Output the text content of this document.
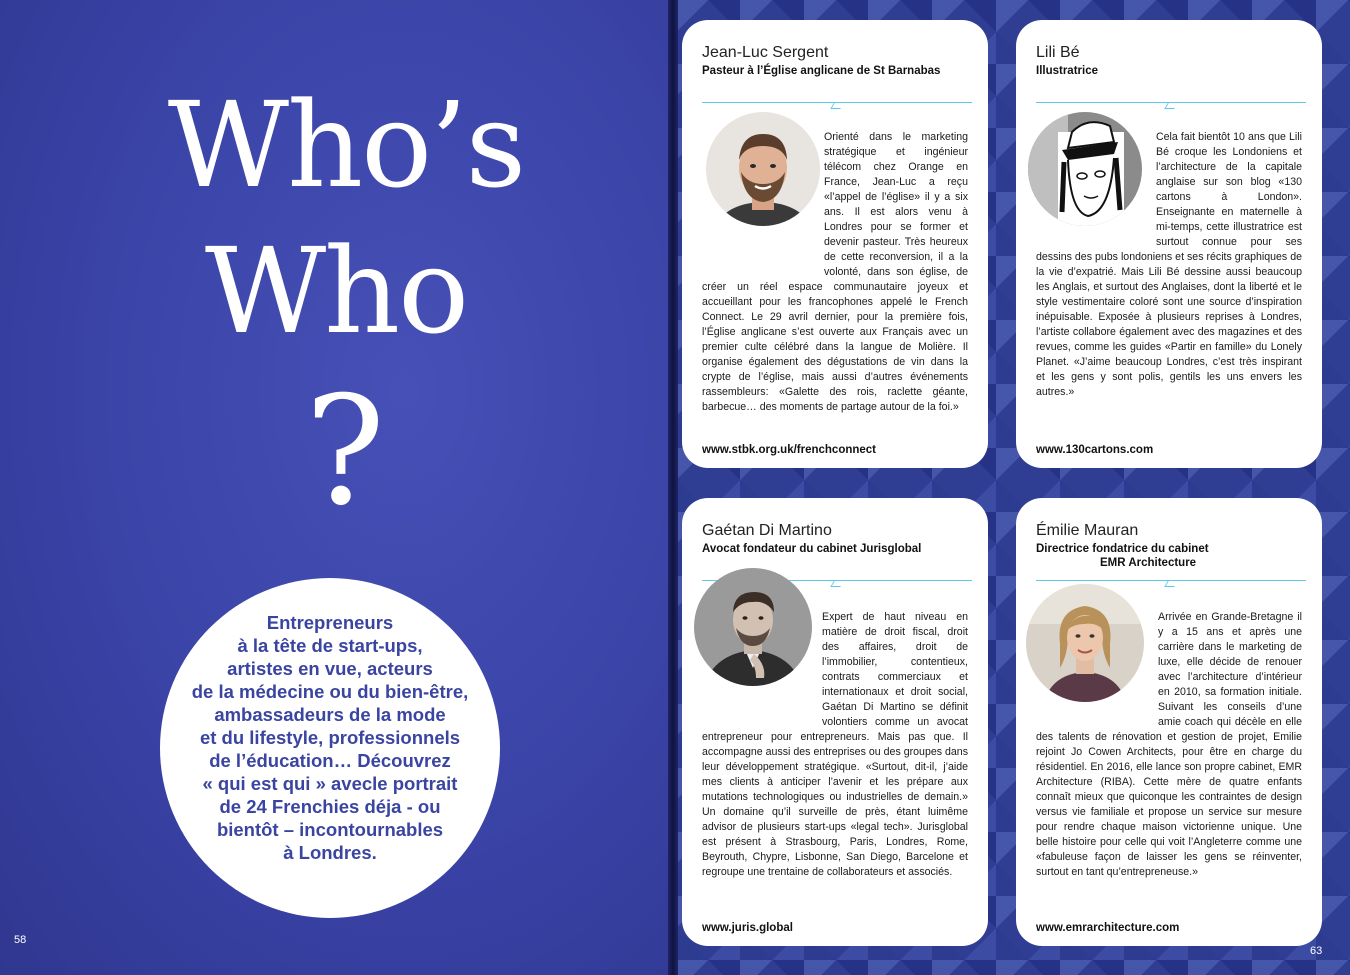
Who’s
Who
?
Entrepreneurs
à la tête de start-ups,
artistes en vue, acteurs
de la médecine ou du bien-être,
ambassadeurs de la mode
et du lifestyle, professionnels
de l’éducation… Découvrez
« qui est qui » avecle portrait
de 24 Frenchies déja - ou
bientôt – incontournables
à Londres.
58
Jean-Luc Sergent
Pasteur à l’Église anglicane de St Barnabas
Orienté dans le marketing stratégique et ingénieur télécom chez Orange en France, Jean-Luc a reçu «l’appel de l’église» il y a six ans. Il est alors venu à Londres pour se former et devenir pasteur. Très heureux de cette reconversion, il a la volonté, dans son église, de créer un réel espace communautaire joyeux et accueillant pour les francophones appelé le French Connect. Le 29 avril dernier, pour la première fois, l’Église anglicane s’est ouverte aux Français avec un premier culte célébré dans la langue de Molière. Il organise également des dégustations de vin dans la crypte de l’église, mais aussi d’autres événements rassembleurs: «Galette des rois, raclette géante, barbecue… des moments de partage autour de la foi.»
www.stbk.org.uk/frenchconnect
Lili Bé
Illustratrice
Cela fait bientôt 10 ans que Lili Bé croque les Londoniens et l’architecture de la capitale anglaise sur son blog «130 cartons à London». Enseignante en maternelle à mi-temps, cette illustratrice est surtout connue pour ses dessins des pubs londoniens et ses récits graphiques de la vie d’expatrié. Mais Lili Bé dessine aussi beaucoup les Anglais, et surtout des Anglaises, dont la liberté et le style vestimentaire coloré sont une source d’inspiration inépuisable. Exposée à plusieurs reprises à Londres, l’artiste collabore également avec des magazines et des revues, comme les guides «Partir en famille» du Lonely Planet. «J’aime beaucoup Londres, c’est très inspirant et les gens y sont polis, gentils les uns envers les autres.»
www.130cartons.com
Gaétan Di Martino
Avocat fondateur du cabinet Jurisglobal
Expert de haut niveau en matière de droit fiscal, droit des affaires, droit de l’immobilier, contentieux, contrats commerciaux et internationaux et droit social, Gaétan Di Martino se définit volontiers comme un avocat entrepreneur pour entrepreneurs. Mais pas que. Il accompagne aussi des entreprises ou des groupes dans leur développement stratégique. «Surtout, dit-il, j’aide mes clients à anticiper l’avenir et les prépare aux mutations technologiques ou industrielles de demain.» Un domaine qu’il surveille de près, étant luimême advisor de plusieurs start-ups «legal tech». Jurisglobal est présent à Strasbourg, Paris, Londres, Rome, Beyrouth, Chypre, Lisbonne, San Diego, Barcelone et regroupe une trentaine de collaborateurs et associés.
www.juris.global
Émilie Mauran
Directrice fondatrice du cabinet
EMR Architecture
Arrivée en Grande-Bretagne il y a 15 ans et après une carrière dans le marketing de luxe, elle décide de renouer avec l’architecture d’intérieur en 2010, sa formation initiale. Suivant les conseils d’une amie coach qui décèle en elle des talents de rénovation et gestion de projet, Emilie rejoint Jo Cowen Architects, pour être en charge du résidentiel. En 2016, elle lance son propre cabinet, EMR Architecture (RIBA). Cette mère de quatre enfants connaît mieux que quiconque les contraintes de design versus vie familiale et propose un service sur mesure pour rendre chaque maison victorienne unique. Une belle histoire pour celle qui voit l’Angleterre comme une «fabuleuse façon de laisser les gens se réinventer, surtout en tant qu’entrepreneuse.»
www.emrarchitecture.com
63
